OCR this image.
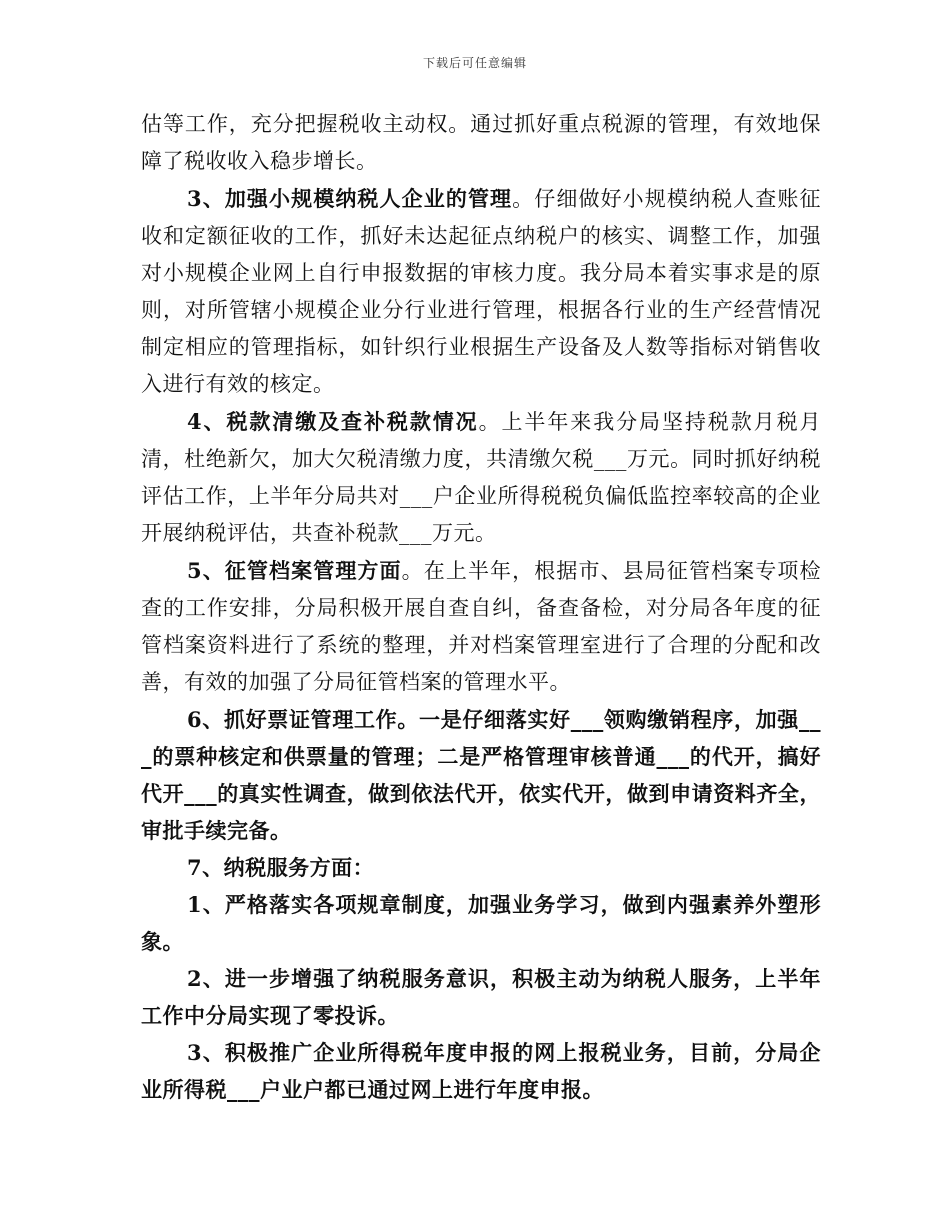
下载后可任意编辑

估等工作，充分把握税收主动权。通过抓好重点税源的管理，有效地保障了税收收入稳步增长。

3、加强小规模纳税人企业的管理。仔细做好小规模纳税人查账征收和定额征收的工作，抓好未达起征点纳税户的核实、调整工作，加强对小规模企业网上自行申报数据的审核力度。我分局本着实事求是的原则，对所管辖小规模企业分行业进行管理，根据各行业的生产经营情况制定相应的管理指标，如针织行业根据生产设备及人数等指标对销售收入进行有效的核定。

4、税款清缴及查补税款情况。上半年来我分局坚持税款月税月清，杜绝新欠，加大欠税清缴力度，共清缴欠税___万元。同时抓好纳税评估工作，上半年分局共对___户企业所得税税负偏低监控率较高的企业开展纳税评估，共查补税款___万元。

5、征管档案管理方面。在上半年，根据市、县局征管档案专项检查的工作安排，分局积极开展自查自纠，备查备检，对分局各年度的征管档案资料进行了系统的整理，并对档案管理室进行了合理的分配和改善，有效的加强了分局征管档案的管理水平。

6、抓好票证管理工作。一是仔细落实好___领购缴销程序，加强___的票种核定和供票量的管理；二是严格管理审核普通___的代开，搞好代开___的真实性调查，做到依法代开，依实代开，做到申请资料齐全，审批手续完备。

7、纳税服务方面：

1、严格落实各项规章制度，加强业务学习，做到内强素养外塑形象。

2、进一步增强了纳税服务意识，积极主动为纳税人服务，上半年工作中分局实现了零投诉。

3、积极推广企业所得税年度申报的网上报税业务，目前，分局企业所得税___户业户都已通过网上进行年度申报。
